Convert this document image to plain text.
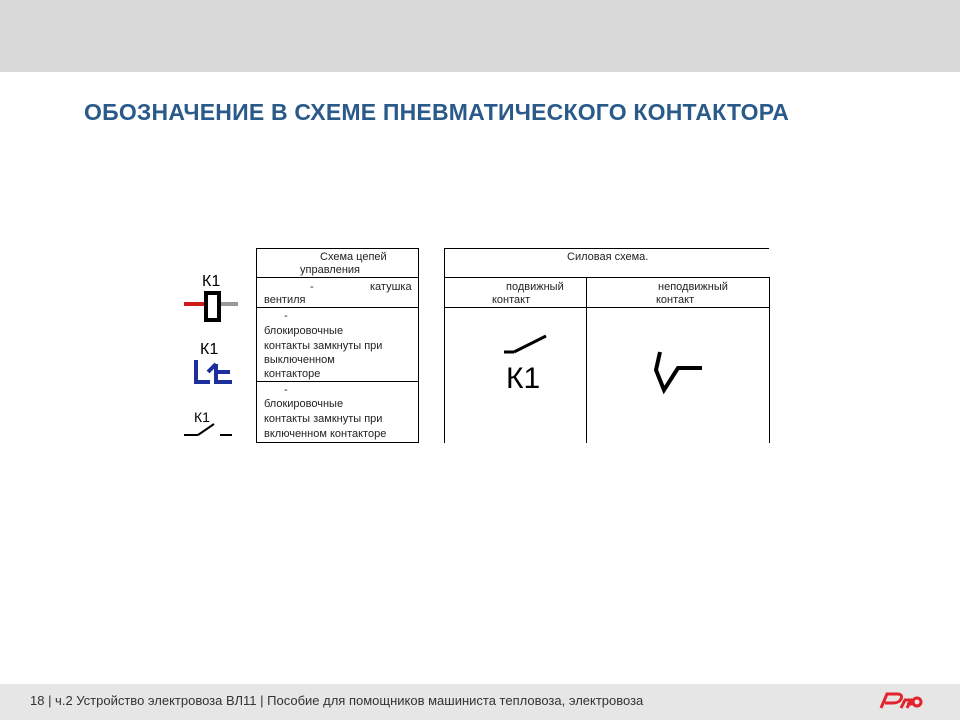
ОБОЗНАЧЕНИЕ В СХЕМЕ ПНЕВМАТИЧЕСКОГО КОНТАКТОРА
К1
К1
К1
Схема цепей
управления
-	катушка
вентиля
-
блокировочные
контакты замкнуты при
выключенном
контакторе
-
блокировочные
контакты замкнуты при
включенном контакторе
Силовая схема.
подвижный
контакт
неподвижный
контакт
К1
18 | ч.2 Устройство электровоза ВЛ11 | Пособие для помощников машиниста тепловоза, электровоза
